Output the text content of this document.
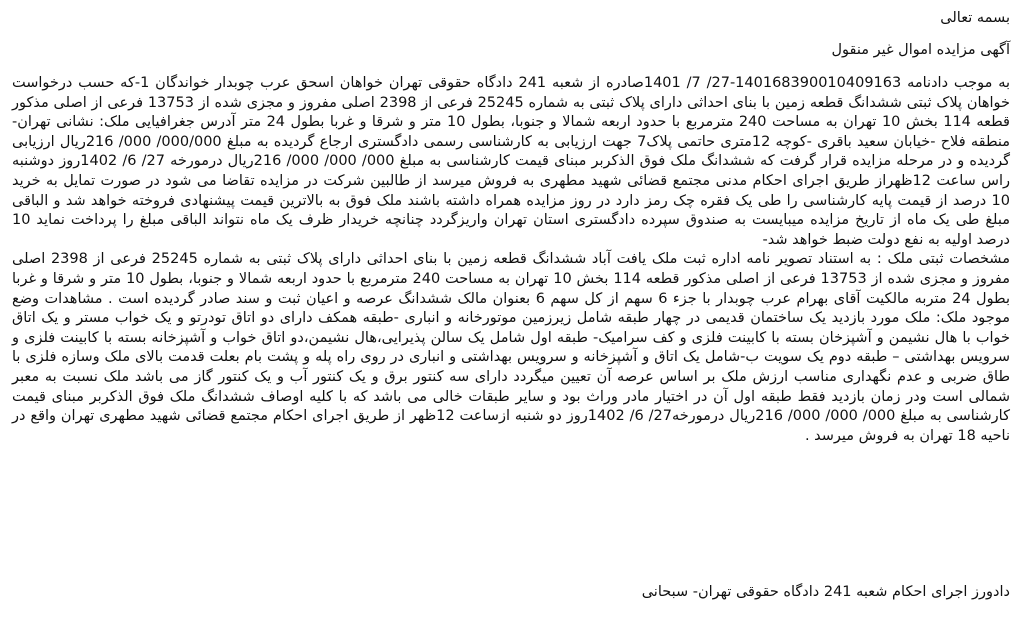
بسمه تعالی
آگهی مزایده اموال غیر منقول

به موجب دادنامه 140168390010409163-27/ 7/ 1401صادره از شعبه 241 دادگاه حقوقی تهران خواهان اسحق عرب چوبدار خواندگان 1-که حسب درخواست خواهان پلاک ثبتی ششدانگ قطعه زمین با بنای احداثی دارای پلاک ثبتی به شماره 25245 فرعی از 2398 اصلی مفروز و مجزی شده از 13753 فرعی از اصلی مذکور قطعه 114 بخش 10 تهران به مساحت 240 مترمربع با حدود اربعه شمالا و جنوبا، بطول 10 متر و شرقا و غربا بطول 24 متر آدرس جغرافیایی ملک: نشانی تهران- منطقه فلاح -خیابان سعید باقری -کوچه 12متری حاتمی پلاک7 جهت ارزیابی به کارشناسی رسمی دادگستری ارجاع گردیده به مبلغ 000/000/ 000/ 216ریال ارزیابی گردیده و در مرحله مزایده قرار گرفت که ششدانگ ملک فوق الذکربر مبنای قیمت کارشناسی به مبلغ 000/ 000/ 000/ 216ریال درمورخه 27/ 6/ 1402روز دوشنبه راس ساعت 12ظهراز طریق اجرای احکام مدنی مجتمع قضائی شهید مطهری به فروش میرسد از طالبین شرکت در مزایده تقاضا می شود در صورت تمایل به خرید 10 درصد از قیمت پایه کارشناسی را طی یک فقره چک رمز دارد در روز مزایده همراه داشته باشند ملک فوق به بالاترین قیمت پیشنهادی فروخته خواهد شد و الباقی مبلغ طی یک ماه از تاریخ مزایده میبایست به صندوق سپرده دادگستری استان تهران واریزگردد چنانچه خریدار ظرف یک ماه نتواند الباقی مبلغ را پرداخت نماید 10 درصد اولیه به نفع دولت ضبط خواهد شد-

مشخصات ثبتی ملک : به استناد تصویر نامه اداره ثبت ملک یافت آباد ششدانگ قطعه زمین با بنای احداثی دارای پلاک ثبتی به شماره 25245 فرعی از 2398 اصلی مفروز و مجزی شده از 13753 فرعی از اصلی مذکور قطعه 114 بخش 10 تهران به مساحت 240 مترمربع با حدود اربعه شمالا و جنوبا، بطول 10 متر و شرقا و غربا بطول 24 متربه مالکیت آقای بهرام عرب چوبدار با جزء 6 سهم از کل سهم 6 بعنوان مالک ششدانگ عرصه و اعیان ثبت و سند صادر گردیده است . مشاهدات وضع موجود ملک: ملک مورد بازدید یک ساختمان قدیمی در چهار طبقه شامل زیرزمین موتورخانه و انباری -طبقه همکف دارای دو اتاق تودرتو و یک خواب مستر و یک اتاق خواب با هال نشیمن و آشپزخان بسته با کابینت فلزی و کف سرامیک- طبقه اول شامل یک سالن پذیرایی،هال نشیمن،دو اتاق خواب و آشپزخانه بسته با کابینت فلزی و سرویس بهداشتی – طبقه دوم یک سویت ب-شامل یک اتاق و آشپزخانه و سرویس بهداشتی و انباری در روی راه پله و پشت بام بعلت قدمت بالای ملک وسازه فلزی با طاق ضربی و عدم نگهداری مناسب ارزش ملک بر اساس عرصه آن تعیین میگردد دارای سه کنتور برق و یک کنتور آب و یک کنتور گاز می باشد ملک نسبت به معبر شمالی است ودر زمان بازدید فقط طبقه اول آن در اختیار مادر وراث بود و سایر طبقات خالی می باشد که با کلیه اوصاف ششدانگ ملک فوق الذکربر مبنای قیمت کارشناسی به مبلغ 000/ 000/ 000/ 216ریال درمورخه27/ 6/ 1402روز دو شنبه ازساعت 12ظهر از طریق اجرای احکام مجتمع قضائی شهید مطهری تهران واقع در ناحیه 18 تهران به فروش میرسد .

دادورز اجرای احکام شعبه 241 دادگاه حقوقی تهران- سبحانی
